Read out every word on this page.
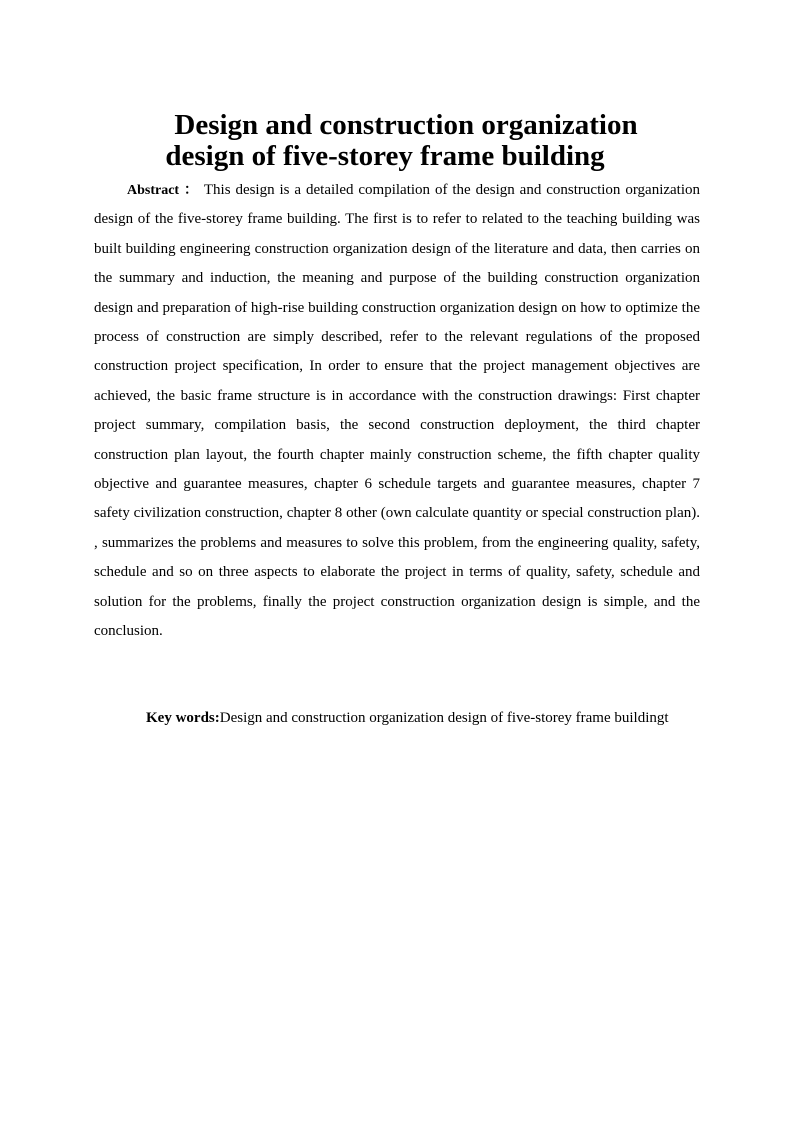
Design and construction organization
design of five-storey frame building

Abstract ： This design is a detailed compilation of the design and construction organization design of the five-storey frame building. The first is to refer to related to the teaching building was built building engineering construction organization design of the literature and data, then carries on the summary and induction, the meaning and purpose of the building construction organization design and preparation of high-rise building construction organization design on how to optimize the process of construction are simply described, refer to the relevant regulations of the proposed construction project specification, In order to ensure that the project management objectives are achieved, the basic frame structure is in accordance with the construction drawings: First chapter project summary, compilation basis, the second construction deployment, the third chapter construction plan layout, the fourth chapter mainly construction scheme, the fifth chapter quality objective and guarantee measures, chapter 6 schedule targets and guarantee measures, chapter 7 safety civilization construction, chapter 8 other (own calculate quantity or special construction plan). , summarizes the problems and measures to solve this problem, from the engineering quality, safety, schedule and so on three aspects to elaborate the project in terms of quality, safety, schedule and solution for the problems, finally the project construction organization design is simple, and the conclusion.

Key words:Design and construction organization design of five-storey frame buildingt
